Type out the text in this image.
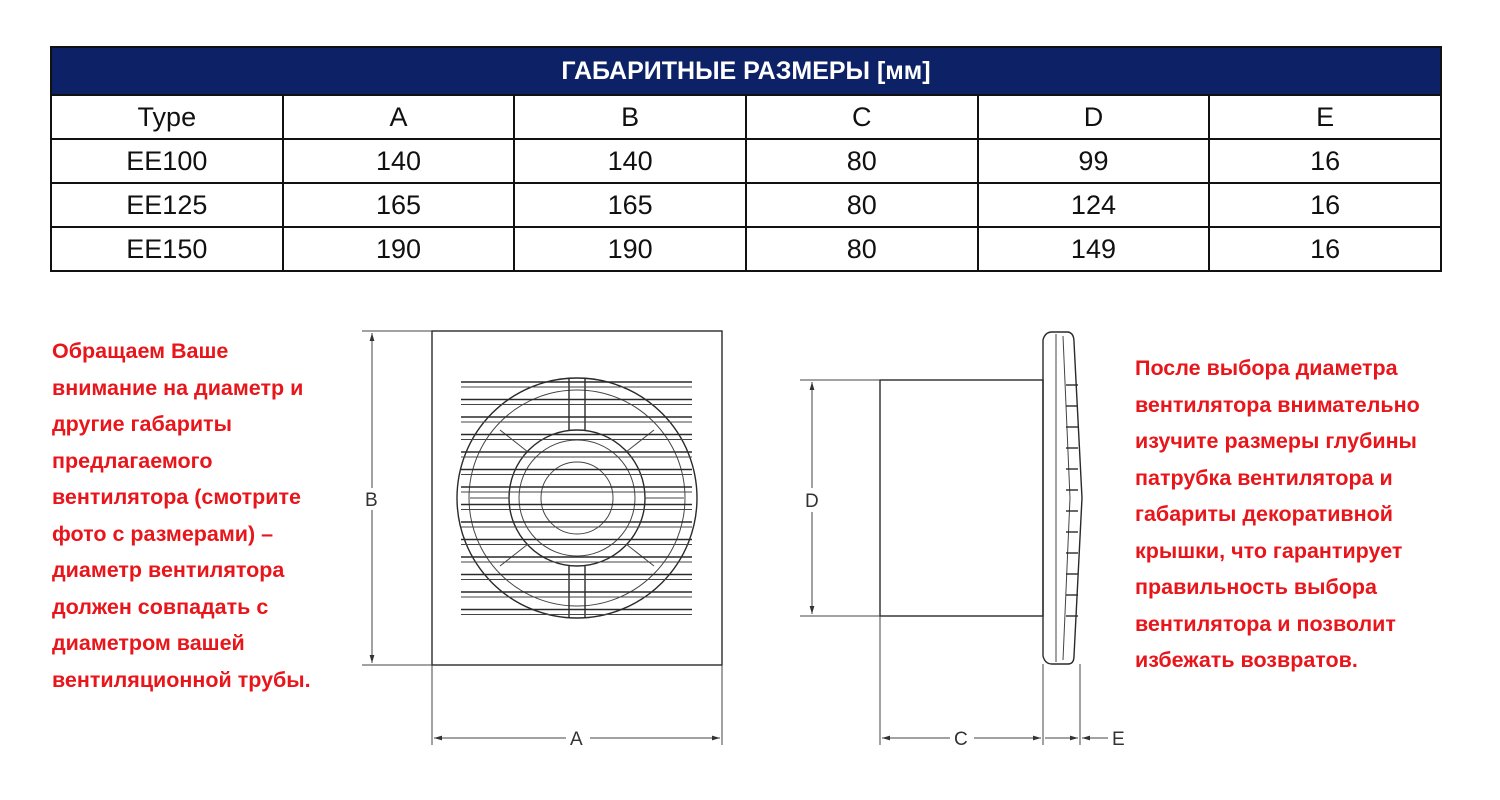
ГАБАРИТНЫЕ РАЗМЕРЫ [мм]					
Type	A	B	C	D	E
EE100	140	140	80	99	16
EE125	165	165	80	124	16
EE150	190	190	80	149	16
Обращаем Ваше
внимание на диаметр и
другие габариты
предлагаемого
вентилятора (смотрите
фото с размерами) –
диаметр вентилятора
должен совпадать с
диаметром вашей
вентиляционной трубы.
После выбора диаметра
вентилятора внимательно
изучите размеры глубины
патрубка вентилятора и
габариты декоративной
крышки, что гарантирует
правильность выбора
вентилятора и позволит
избежать возвратов.
B
A
D
C	E
